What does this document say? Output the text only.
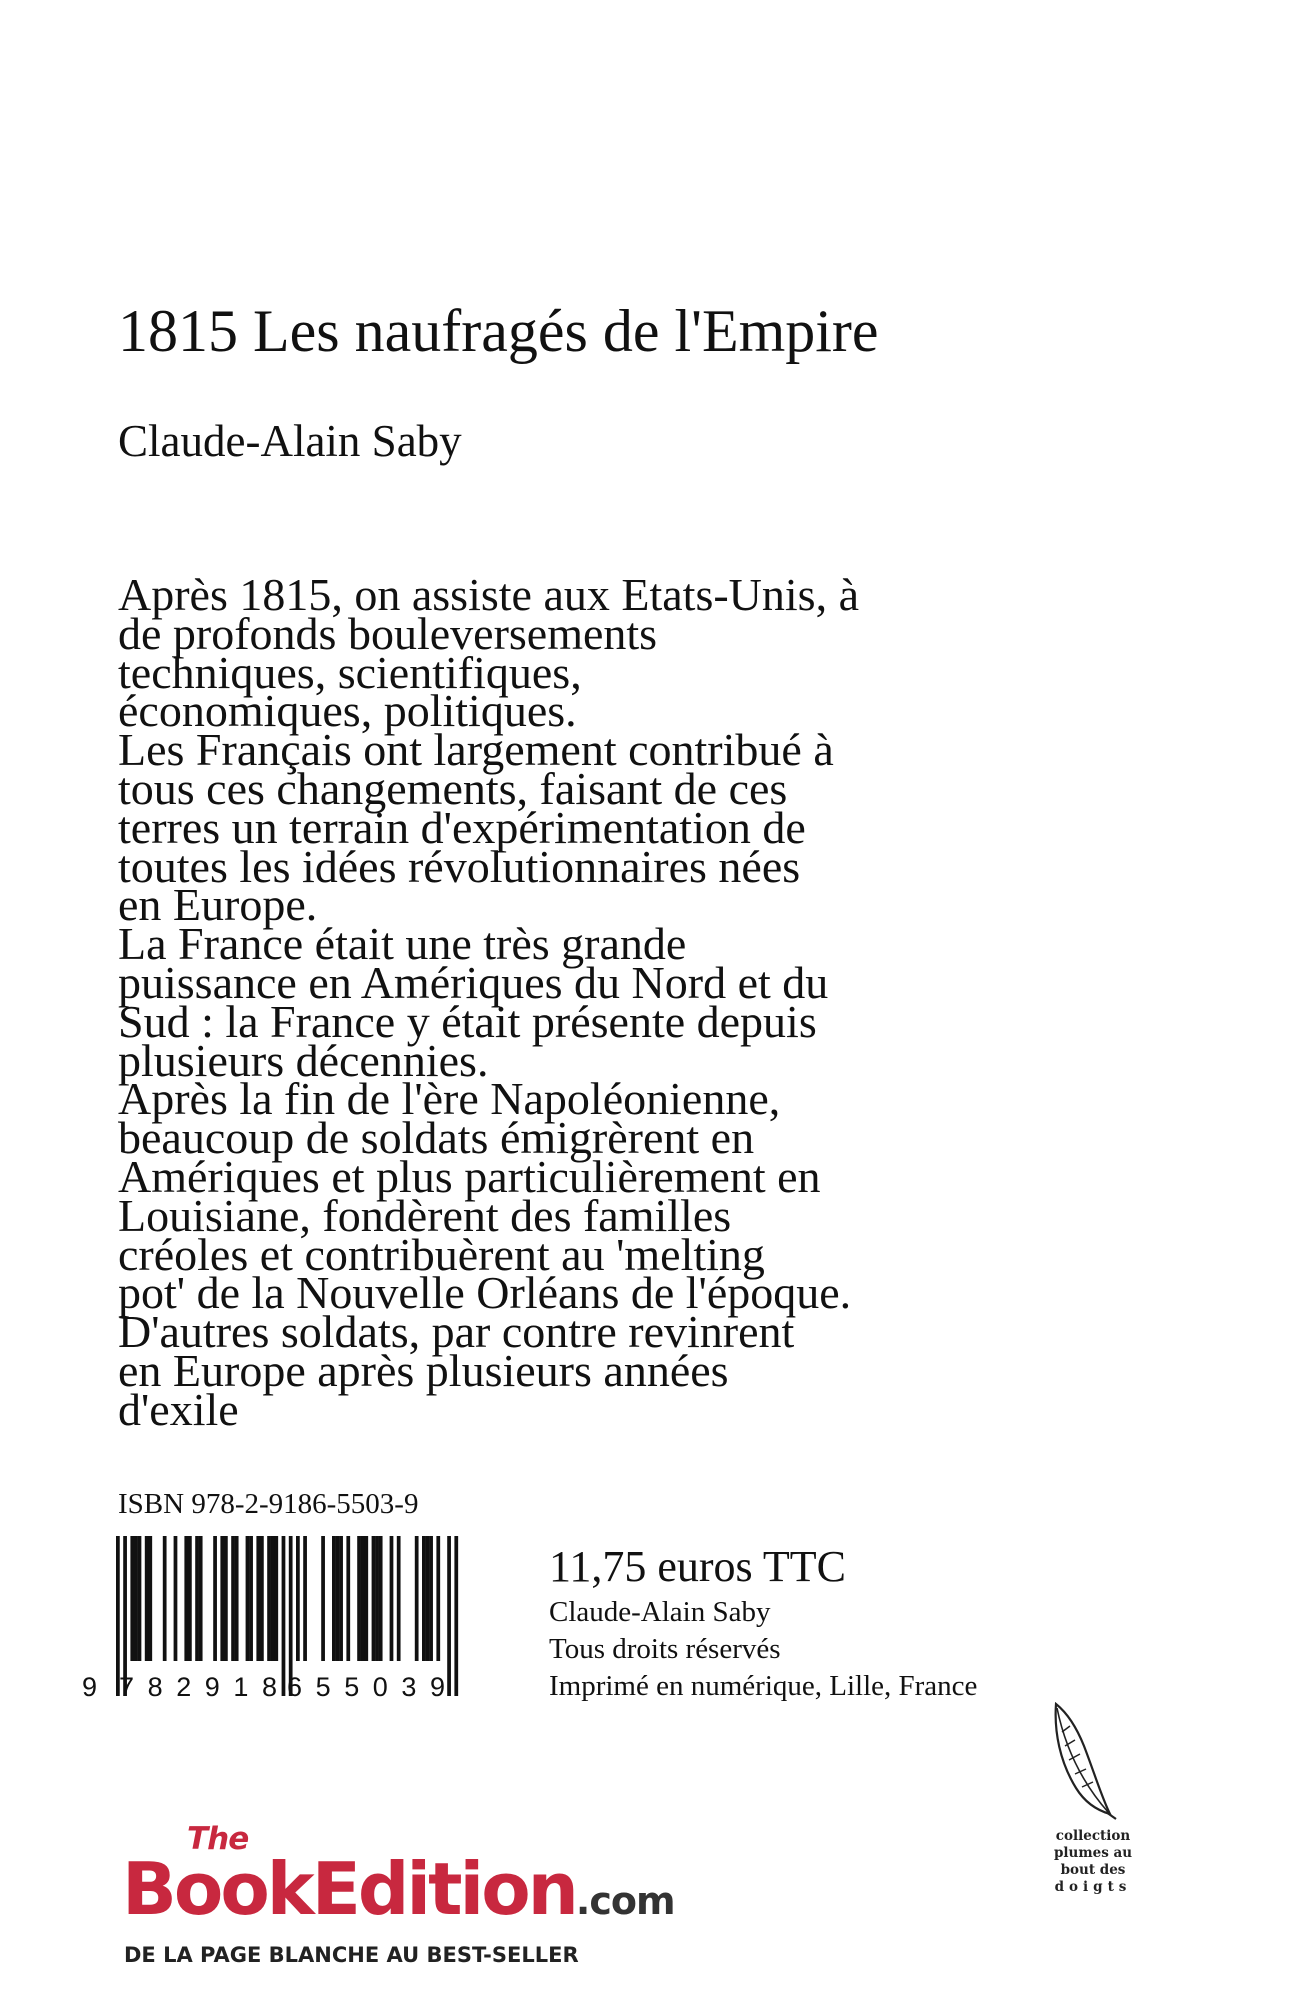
1815 Les naufragés de l'Empire
Claude-Alain Saby

Après 1815, on assiste aux Etats-Unis, à

de profonds bouleversements

techniques, scientifiques,

économiques, politiques.

Les Français ont largement contribué à

tous ces changements, faisant de ces

terres un terrain d'expérimentation de

toutes les idées révolutionnaires nées

en Europe.

La France était une très grande

puissance en Amériques du Nord et du

Sud : la France y était présente depuis

plusieurs décennies.

Après la fin de l'ère Napoléonienne,

beaucoup de soldats émigrèrent en

Amériques et plus particulièrement en

Louisiane, fondèrent des familles

créoles et contribuèrent au 'melting

pot' de la Nouvelle Orléans de l'époque.

D'autres soldats, par contre revinrent

en Europe après plusieurs années

d'exile

ISBN 978-2-9186-5503-9
9 782918 655039
11,75 euros TTC
Claude-Alain Saby
Tous droits réservés
Imprimé en numérique, Lille, France
The
BookEdition.com
DE LA PAGE BLANCHE AU BEST-SELLER
collection
plumes au
bout des
doigts
